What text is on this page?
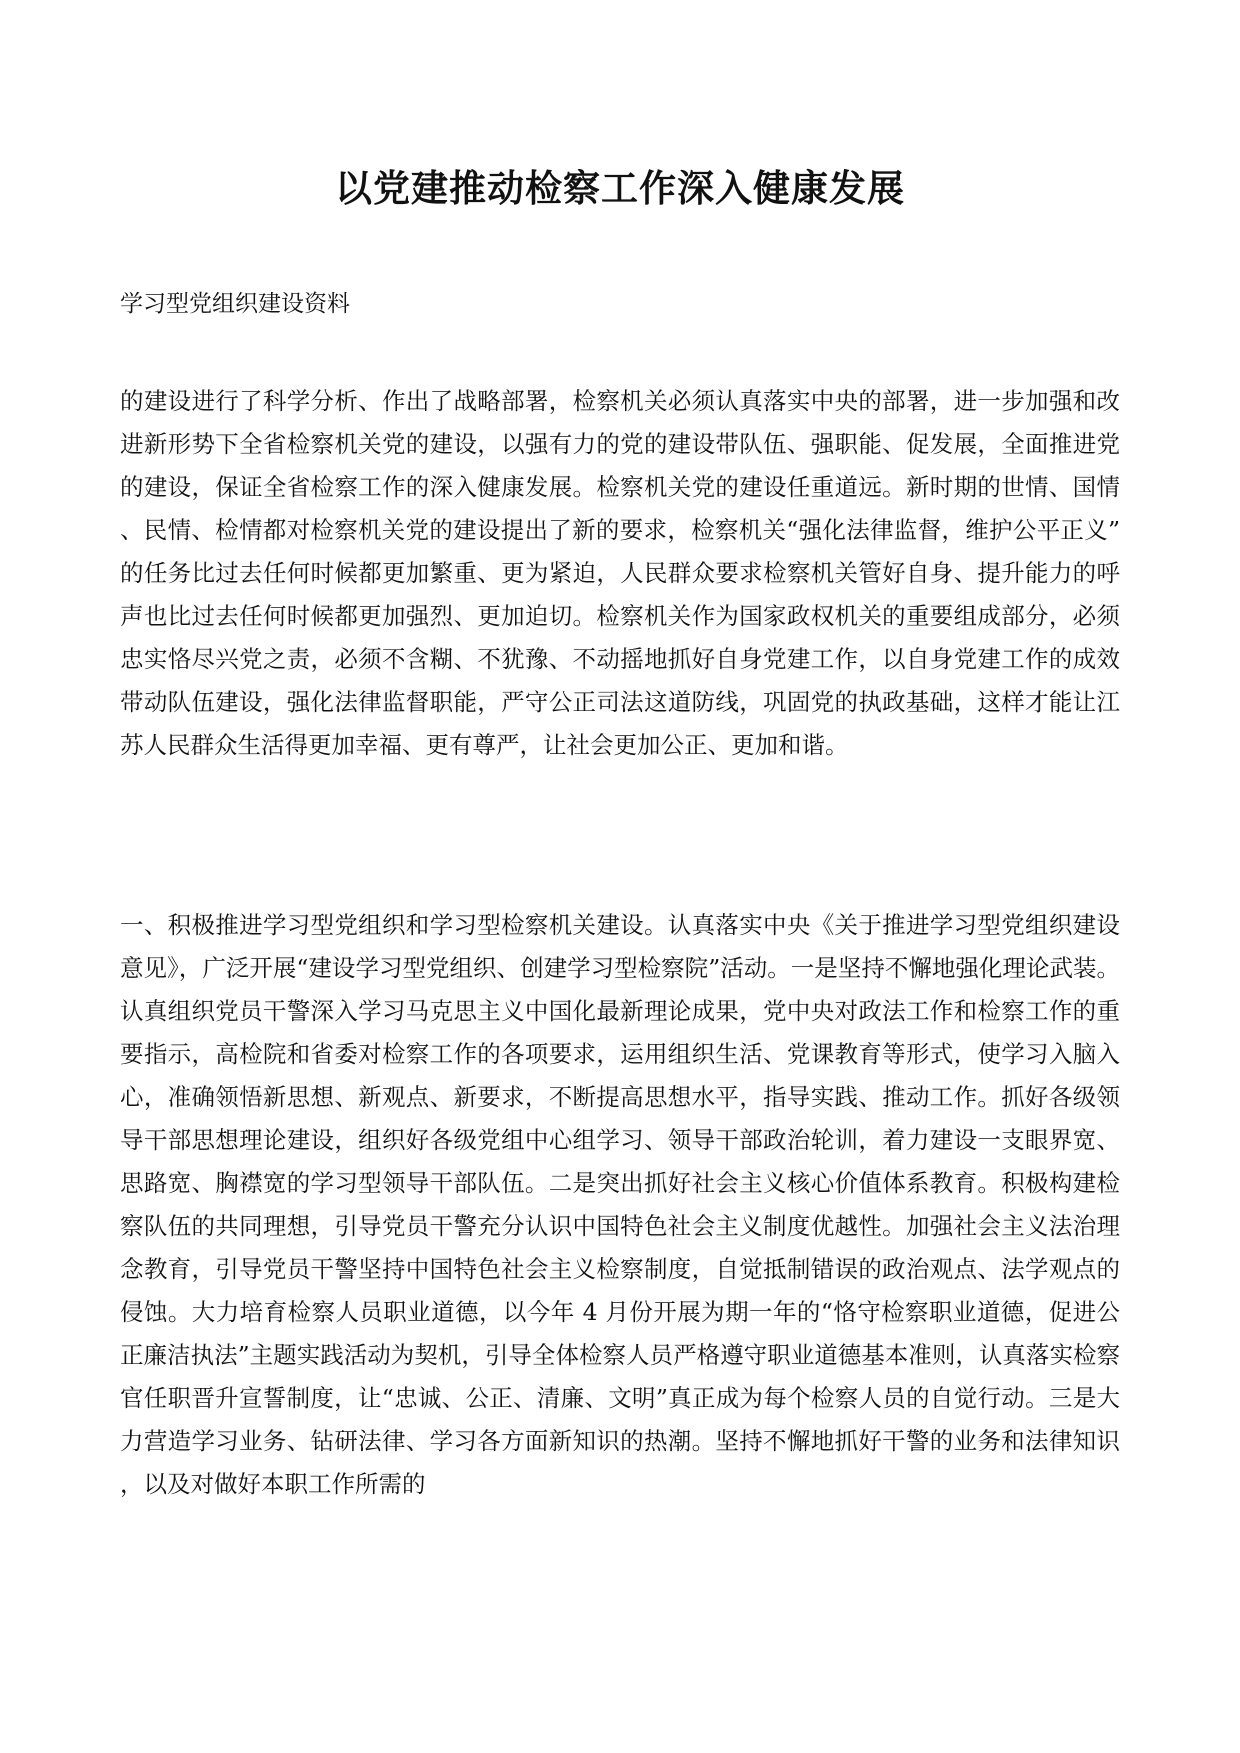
以党建推动检察工作深入健康发展

学习型党组织建设资料

的建设进行了科学分析、作出了战略部署，检察机关必须认真落实中央的部署，进一步加强和改进新形势下全省检察机关党的建设，以强有力的党的建设带队伍、强职能、促发展，全面推进党的建设，保证全省检察工作的深入健康发展。检察机关党的建设任重道远。新时期的世情、国情、民情、检情都对检察机关党的建设提出了新的要求，检察机关“强化法律监督，维护公平正义”的任务比过去任何时候都更加繁重、更为紧迫，人民群众要求检察机关管好自身、提升能力的呼声也比过去任何时候都更加强烈、更加迫切。检察机关作为国家政权机关的重要组成部分，必须忠实恪尽兴党之责，必须不含糊、不犹豫、不动摇地抓好自身党建工作，以自身党建工作的成效带动队伍建设，强化法律监督职能，严守公正司法这道防线，巩固党的执政基础，这样才能让江苏人民群众生活得更加幸福、更有尊严，让社会更加公正、更加和谐。

一、积极推进学习型党组织和学习型检察机关建设。认真落实中央《关于推进学习型党组织建设意见》，广泛开展“建设学习型党组织、创建学习型检察院”活动。一是坚持不懈地强化理论武装。认真组织党员干警深入学习马克思主义中国化最新理论成果，党中央对政法工作和检察工作的重要指示，高检院和省委对检察工作的各项要求，运用组织生活、党课教育等形式，使学习入脑入心，准确领悟新思想、新观点、新要求，不断提高思想水平，指导实践、推动工作。抓好各级领导干部思想理论建设，组织好各级党组中心组学习、领导干部政治轮训，着力建设一支眼界宽、思路宽、胸襟宽的学习型领导干部队伍。二是突出抓好社会主义核心价值体系教育。积极构建检察队伍的共同理想，引导党员干警充分认识中国特色社会主义制度优越性。加强社会主义法治理念教育，引导党员干警坚持中国特色社会主义检察制度，自觉抵制错误的政治观点、法学观点的侵蚀。大力培育检察人员职业道德，以今年 4 月份开展为期一年的“恪守检察职业道德，促进公正廉洁执法”主题实践活动为契机，引导全体检察人员严格遵守职业道德基本准则，认真落实检察官任职晋升宣誓制度，让“忠诚、公正、清廉、文明”真正成为每个检察人员的自觉行动。三是大力营造学习业务、钻研法律、学习各方面新知识的热潮。坚持不懈地抓好干警的业务和法律知识，以及对做好本职工作所需的
